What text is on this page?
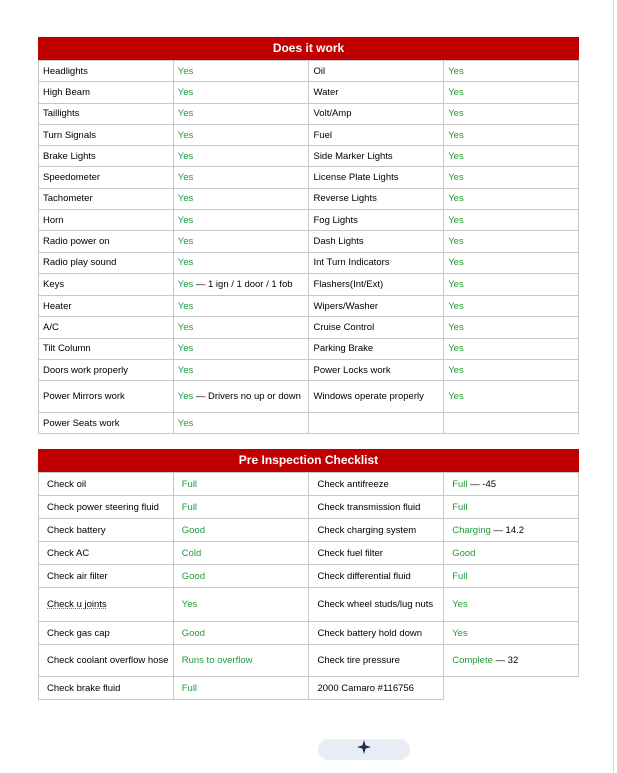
Does it work
Headlights	Yes	Oil	Yes
High Beam	Yes	Water	Yes
Taillights	Yes	Volt/Amp	Yes
Turn Signals	Yes	Fuel	Yes
Brake Lights	Yes	Side Marker Lights	Yes
Speedometer	Yes	License Plate Lights	Yes
Tachometer	Yes	Reverse Lights	Yes
Horn	Yes	Fog Lights	Yes
Radio power on	Yes	Dash Lights	Yes
Radio play sound	Yes	Int Turn Indicators	Yes
Keys	Yes — 1 ign / 1 door / 1 fob	Flashers(Int/Ext)	Yes
Heater	Yes	Wipers/Washer	Yes
A/C	Yes	Cruise Control	Yes
Tilt Column	Yes	Parking Brake	Yes
Doors work properly	Yes	Power Locks work	Yes
Power Mirrors work	Yes — Drivers no up or down	Windows operate properly	Yes
Power Seats work	Yes		
Pre Inspection Checklist
Check oil	Full	Check antifreeze	Full — -45
Check power steering fluid	Full	Check transmission fluid	Full
Check battery	Good	Check charging system	Charging — 14.2
Check AC	Cold	Check fuel filter	Good
Check air filter	Good	Check differential fluid	Full
Check u joints	Yes	Check wheel studs/lug nuts	Yes
Check gas cap	Good	Check battery hold down	Yes
Check coolant overflow hose	Runs to overflow	Check tire pressure	Complete — 32
Check brake fluid	Full	2000 Camaro #116756	
